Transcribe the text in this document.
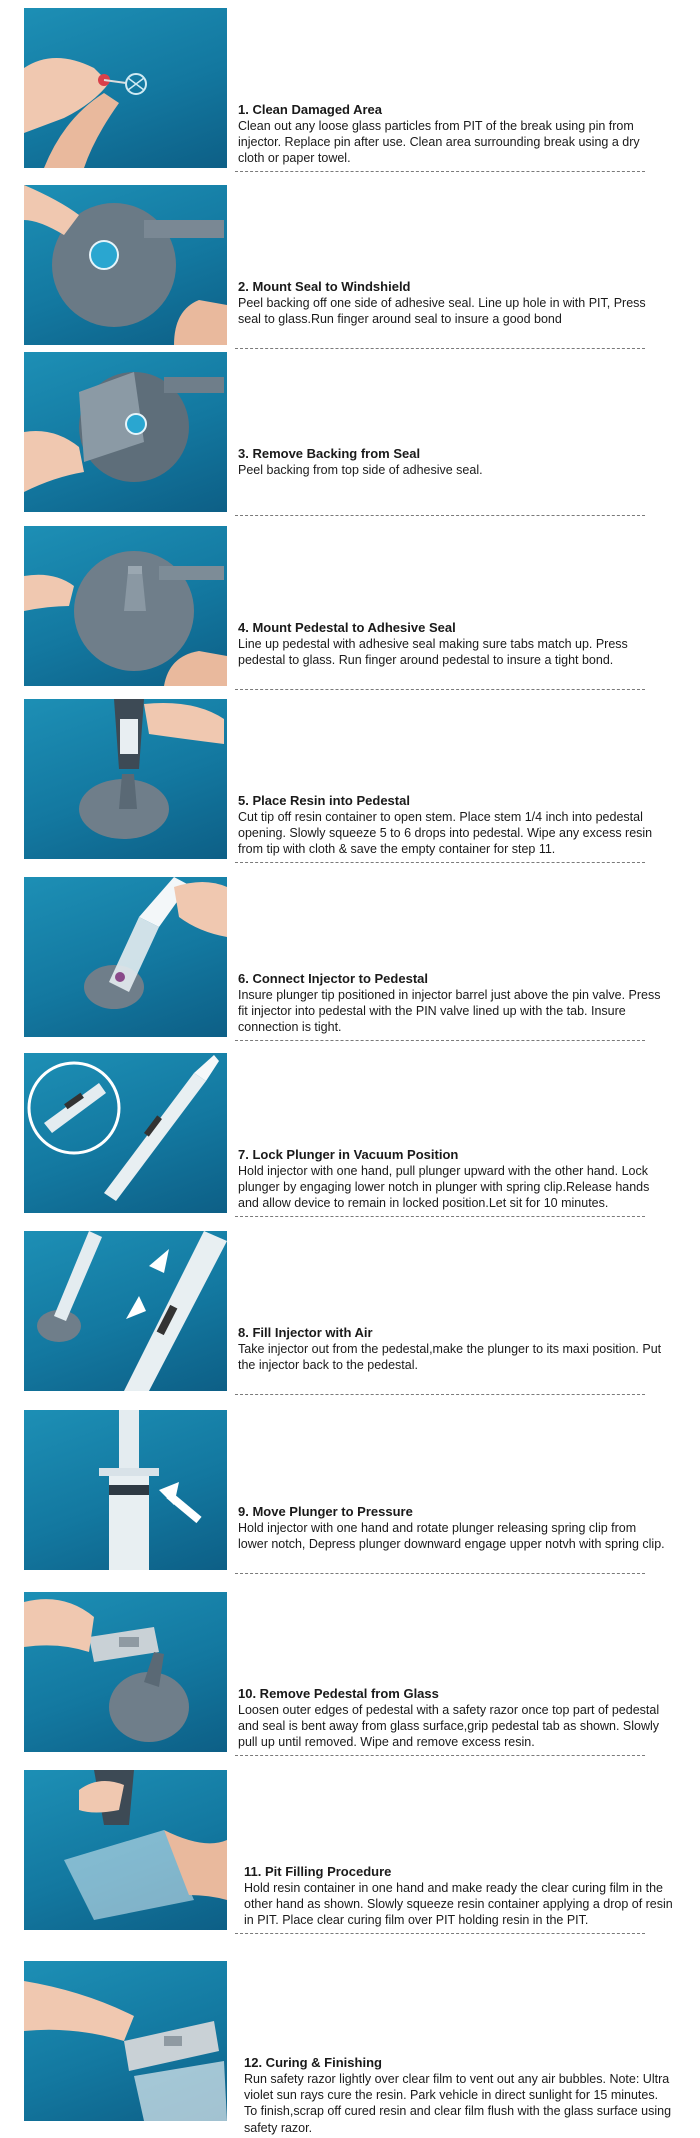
1. Clean Damaged Area

Clean out any loose glass particles from PIT of the break using pin from injector. Replace pin after use. Clean area surrounding break using a dry cloth or paper towel.

2. Mount Seal to Windshield

Peel backing off one side of adhesive seal. Line up hole in with PIT, Press seal to glass.Run finger around seal to insure a good bond

3. Remove Backing from Seal

Peel backing from top side of adhesive seal.

4. Mount Pedestal to Adhesive Seal

Line up pedestal with adhesive seal making sure tabs match up. Press pedestal to glass. Run finger around pedestal to insure a tight bond.

5. Place Resin into Pedestal

Cut tip off resin container to open stem. Place stem 1/4 inch into pedestal opening. Slowly squeeze 5 to 6 drops into pedestal. Wipe any excess resin from tip with cloth & save the empty container for step 11.

6. Connect Injector to Pedestal

Insure plunger tip positioned in injector barrel just above the pin valve. Press fit injector into pedestal with the PIN valve lined up with the tab. Insure connection is tight.

7. Lock Plunger in Vacuum Position

Hold injector with one hand, pull plunger upward with the other hand. Lock plunger by engaging lower notch in plunger with spring clip.Release hands and allow device to remain in locked position.Let sit for 10 minutes.

8. Fill Injector with Air

Take injector out from the pedestal,make the plunger to its maxi position. Put the injector back to the pedestal.

9. Move Plunger to Pressure

Hold injector with one hand and rotate plunger releasing spring clip from lower notch, Depress plunger downward engage upper notvh with spring clip.

10. Remove Pedestal from Glass

Loosen outer edges of pedestal with a safety razor once top part of pedestal and seal is bent away from glass surface,grip pedestal tab as shown. Slowly pull up until removed. Wipe and remove excess resin.

11. Pit Filling Procedure

Hold resin container in one hand and make ready the clear curing film in the other hand as shown. Slowly squeeze resin container applying a drop of resin in PIT. Place clear curing film over PIT holding resin in the PIT.

12. Curing & Finishing

Run safety razor lightly over clear film to vent out any air bubbles. Note: Ultra violet sun rays cure the resin. Park vehicle in direct sunlight for 15 minutes. To finish,scrap off cured resin and clear film flush with the glass surface using safety razor.
